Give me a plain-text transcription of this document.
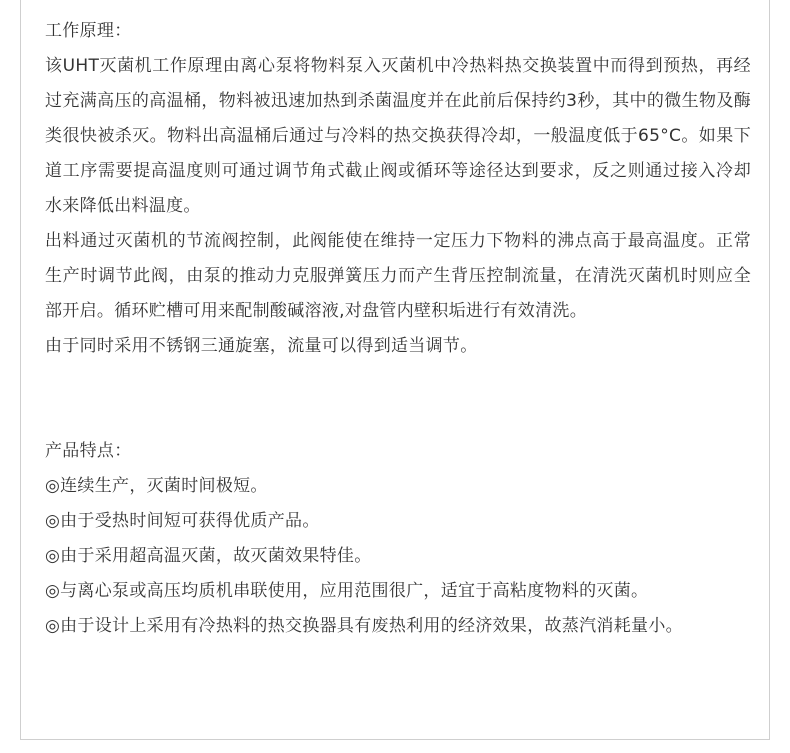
工作原理：

该UHT灭菌机工作原理由离心泵将物料泵入灭菌机中冷热料热交换装置中而得到预热，再经过充满高压的高温桶，物料被迅速加热到杀菌温度并在此前后保持约3秒，其中的微生物及酶类很快被杀灭。物料出高温桶后通过与冷料的热交换获得冷却，一般温度低于65°C。如果下道工序需要提高温度则可通过调节角式截止阀或循环等途径达到要求，反之则通过接入冷却水来降低出料温度。

出料通过灭菌机的节流阀控制，此阀能使在维持一定压力下物料的沸点高于最高温度。正常生产时调节此阀，由泵的推动力克服弹簧压力而产生背压控制流量，在清洗灭菌机时则应全部开启。循环贮槽可用来配制酸碱溶液,对盘管内壁积垢进行有效清洗。

由于同时采用不锈钢三通旋塞，流量可以得到适当调节。

产品特点：

◎连续生产，灭菌时间极短。

◎由于受热时间短可获得优质产品。

◎由于采用超高温灭菌，故灭菌效果特佳。

◎与离心泵或高压均质机串联使用，应用范围很广，适宜于高粘度物料的灭菌。

◎由于设计上采用有冷热料的热交换器具有废热利用的经济效果，故蒸汽消耗量小。
